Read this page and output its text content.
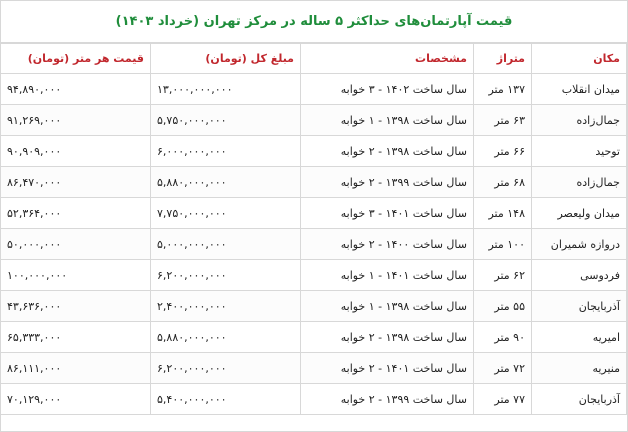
قیمت آپارتمان‌های حداکثر ۵ ساله در مرکز تهران (خرداد ۱۴۰۳)
مکان	متراژ	مشخصات	مبلغ کل (تومان)	قیمت هر متر (تومان)
میدان انقلاب	۱۳۷ متر	سال ساخت ۱۴۰۲ - ۳ خوابه	۱۳,۰۰۰,۰۰۰,۰۰۰	۹۴,۸۹۰,۰۰۰
جمال‌زاده	۶۳ متر	سال ساخت ۱۳۹۸ - ۱ خوابه	۵,۷۵۰,۰۰۰,۰۰۰	۹۱,۲۶۹,۰۰۰
توحید	۶۶ متر	سال ساخت ۱۳۹۸ - ۲ خوابه	۶,۰۰۰,۰۰۰,۰۰۰	۹۰,۹۰۹,۰۰۰
جمال‌زاده	۶۸ متر	سال ساخت ۱۳۹۹ - ۲ خوابه	۵,۸۸۰,۰۰۰,۰۰۰	۸۶,۴۷۰,۰۰۰
میدان ولیعصر	۱۴۸ متر	سال ساخت ۱۴۰۱ - ۳ خوابه	۷,۷۵۰,۰۰۰,۰۰۰	۵۲,۳۶۴,۰۰۰
دروازه شمیران	۱۰۰ متر	سال ساخت ۱۴۰۰ - ۲ خوابه	۵,۰۰۰,۰۰۰,۰۰۰	۵۰,۰۰۰,۰۰۰
فردوسی	۶۲ متر	سال ساخت ۱۴۰۱ - ۱ خوابه	۶,۲۰۰,۰۰۰,۰۰۰	۱۰۰,۰۰۰,۰۰۰
آذربایجان	۵۵ متر	سال ساخت ۱۳۹۸ - ۱ خوابه	۲,۴۰۰,۰۰۰,۰۰۰	۴۳,۶۳۶,۰۰۰
امیریه	۹۰ متر	سال ساخت ۱۳۹۸ - ۲ خوابه	۵,۸۸۰,۰۰۰,۰۰۰	۶۵,۳۳۳,۰۰۰
منیریه	۷۲ متر	سال ساخت ۱۴۰۱ - ۲ خوابه	۶,۲۰۰,۰۰۰,۰۰۰	۸۶,۱۱۱,۰۰۰
آذربایجان	۷۷ متر	سال ساخت ۱۳۹۹ - ۲ خوابه	۵,۴۰۰,۰۰۰,۰۰۰	۷۰,۱۲۹,۰۰۰
